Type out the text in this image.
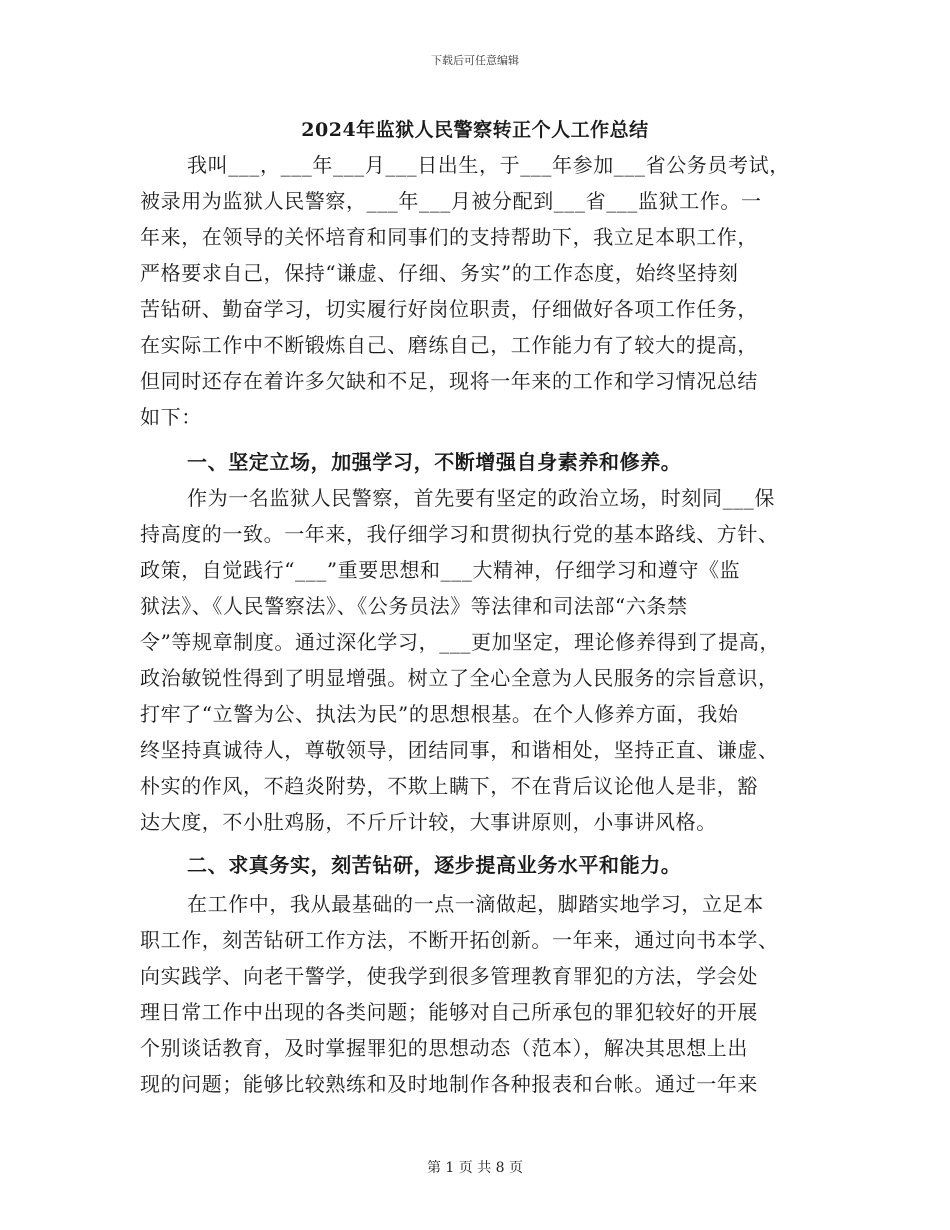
下载后可任意编辑
2024年监狱人民警察转正个人工作总结
我叫___，___年___月___日出生，于___年参加___省公务员考试，
被录用为监狱人民警察，___年___月被分配到___省___监狱工作。一
年来，在领导的关怀培育和同事们的支持帮助下，我立足本职工作，
严格要求自己，保持“谦虚、仔细、务实”的工作态度，始终坚持刻
苦钻研、勤奋学习，切实履行好岗位职责，仔细做好各项工作任务，
在实际工作中不断锻炼自己、磨练自己，工作能力有了较大的提高，
但同时还存在着许多欠缺和不足，现将一年来的工作和学习情况总结
如下：
一、坚定立场，加强学习，不断增强自身素养和修养。
作为一名监狱人民警察，首先要有坚定的政治立场，时刻同___保
持高度的一致。一年来，我仔细学习和贯彻执行党的基本路线、方针、
政策，自觉践行“___”重要思想和___大精神，仔细学习和遵守《监
狱法》、《人民警察法》、《公务员法》等法律和司法部“六条禁
令”等规章制度。通过深化学习，___更加坚定，理论修养得到了提高，
政治敏锐性得到了明显增强。树立了全心全意为人民服务的宗旨意识，
打牢了“立警为公、执法为民”的思想根基。在个人修养方面，我始
终坚持真诚待人，尊敬领导，团结同事，和谐相处，坚持正直、谦虚、
朴实的作风，不趋炎附势，不欺上瞒下，不在背后议论他人是非，豁
达大度，不小肚鸡肠，不斤斤计较，大事讲原则，小事讲风格。
二、求真务实，刻苦钻研，逐步提高业务水平和能力。
在工作中，我从最基础的一点一滴做起，脚踏实地学习，立足本
职工作，刻苦钻研工作方法，不断开拓创新。一年来，通过向书本学、
向实践学、向老干警学，使我学到很多管理教育罪犯的方法，学会处
理日常工作中出现的各类问题；能够对自己所承包的罪犯较好的开展
个别谈话教育，及时掌握罪犯的思想动态（范本），解决其思想上出
现的问题；能够比较熟练和及时地制作各种报表和台帐。通过一年来
第 1 页 共 8 页
